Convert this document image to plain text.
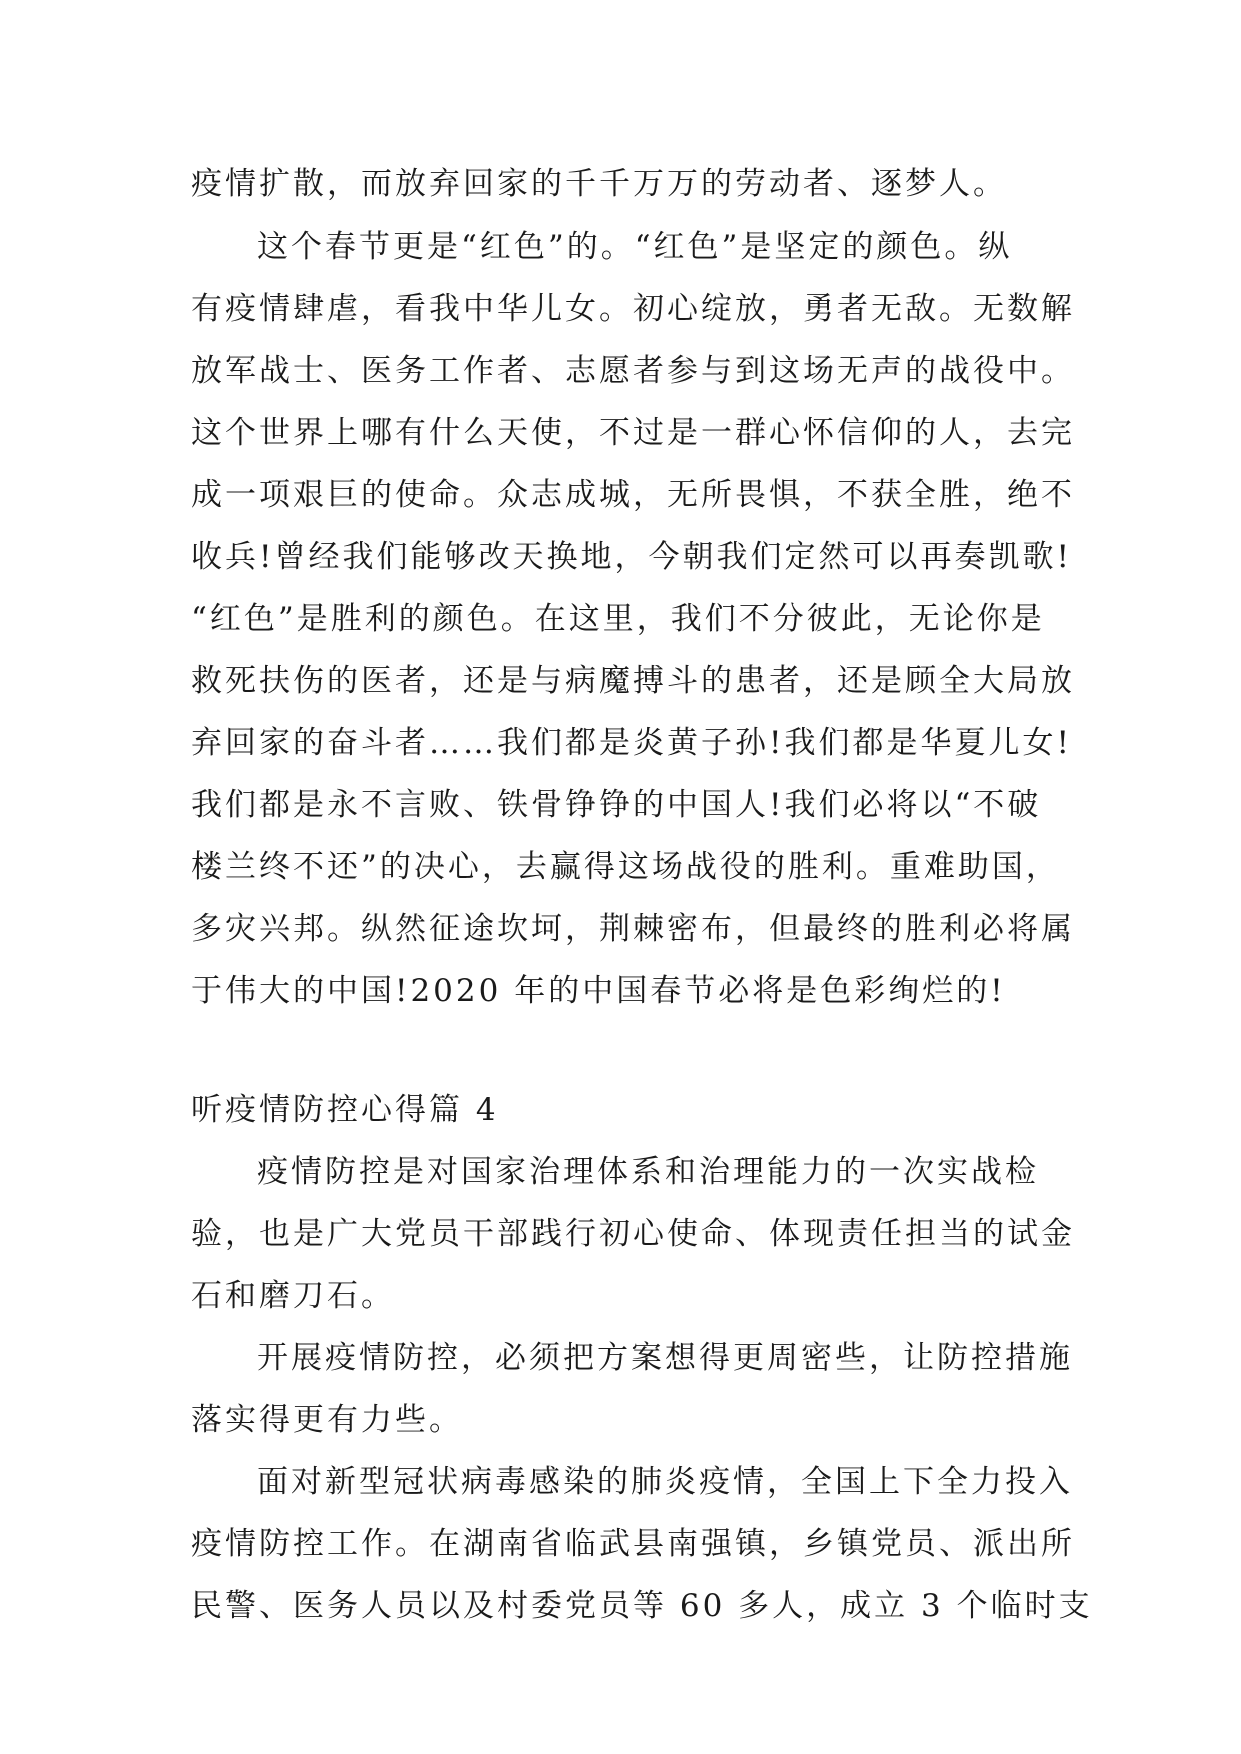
疫情扩散，而放弃回家的千千万万的劳动者、逐梦人。
这个春节更是“红色”的。“红色”是坚定的颜色。纵
有疫情肆虐，看我中华儿女。初心绽放，勇者无敌。无数解
放军战士、医务工作者、志愿者参与到这场无声的战役中。
这个世界上哪有什么天使，不过是一群心怀信仰的人，去完
成一项艰巨的使命。众志成城，无所畏惧，不获全胜，绝不
收兵!曾经我们能够改天换地，今朝我们定然可以再奏凯歌!
“红色”是胜利的颜色。在这里，我们不分彼此，无论你是
救死扶伤的医者，还是与病魔搏斗的患者，还是顾全大局放
弃回家的奋斗者……我们都是炎黄子孙!我们都是华夏儿女!
我们都是永不言败、铁骨铮铮的中国人!我们必将以“不破
楼兰终不还”的决心，去赢得这场战役的胜利。重难助国，
多灾兴邦。纵然征途坎坷，荆棘密布，但最终的胜利必将属
于伟大的中国!2020 年的中国春节必将是色彩绚烂的!
听疫情防控心得篇 4
疫情防控是对国家治理体系和治理能力的一次实战检
验，也是广大党员干部践行初心使命、体现责任担当的试金
石和磨刀石。
开展疫情防控，必须把方案想得更周密些，让防控措施
落实得更有力些。
面对新型冠状病毒感染的肺炎疫情，全国上下全力投入
疫情防控工作。在湖南省临武县南强镇，乡镇党员、派出所
民警、医务人员以及村委党员等 60 多人，成立 3 个临时支
